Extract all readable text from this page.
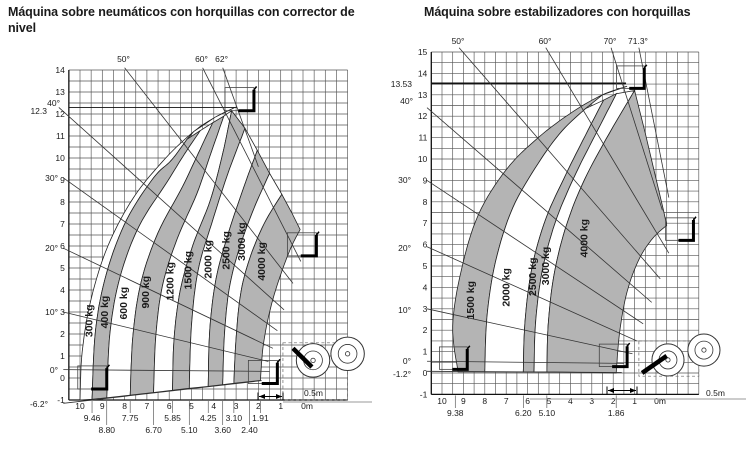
Máquina sobre neumáticos con horquillas con corrector de nivel
Máquina sobre estabilizadores con horquillas
12.3
300 kg 400 kg 600 kg 900 kg 1200 kg 1500 kg 2000 kg 2500 kg 3000 kg
4000 kg
-6.2°
0°
10°
20°
30°
40°
50°	60° 62°
14
13
12
11
10
9
8
7
6
5
4
3
2
1
0
-1
10 9 8 7 6 5 4 3 2 1 0m
9.46	7.75	5.85 4.25 3.10 1.91
8.80	6.70 5.10 3.60 2.40
0.5m
13.53
1500 kg 2000 kg 2500 kg 3000 kg
4000 kg
-1.2°
0°
10°
20°
30°
40°
50°	60°	70° 71.3°
15
14
13
12
11
10
9
8
7
6
5
4
3
2
1
0
-1
10 9 8 7 6 5 4 3 2 1 0m
9.38	6.20 5.10	1.86
0.5m
